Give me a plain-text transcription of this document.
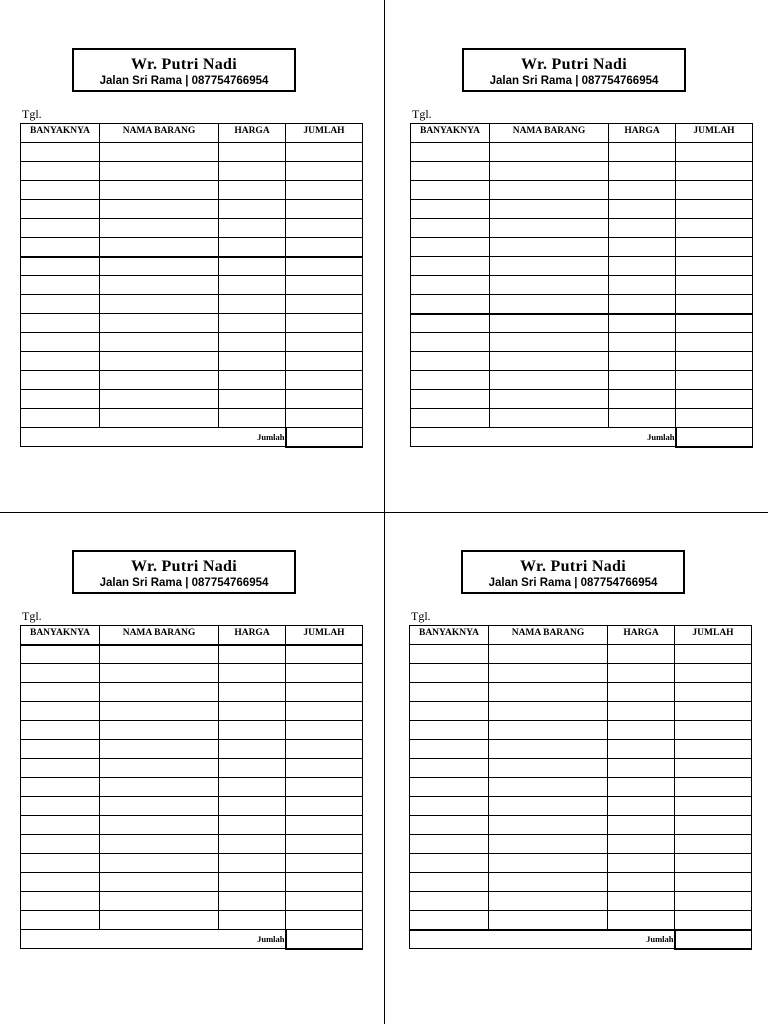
Wr. Putri Nadi
Jalan Sri Rama | 087754766954
Tgl.
BANYAKNYA	NAMA BARANG	HARGA	JUMLAH

Jumlah			
Wr. Putri Nadi
Jalan Sri Rama | 087754766954
Tgl.
BANYAKNYA	NAMA BARANG	HARGA	JUMLAH

Jumlah			
Wr. Putri Nadi
Jalan Sri Rama | 087754766954
Tgl.
BANYAKNYA	NAMA BARANG	HARGA	JUMLAH

Jumlah			
Wr. Putri Nadi
Jalan Sri Rama | 087754766954
Tgl.
BANYAKNYA	NAMA BARANG	HARGA	JUMLAH

Jumlah			
